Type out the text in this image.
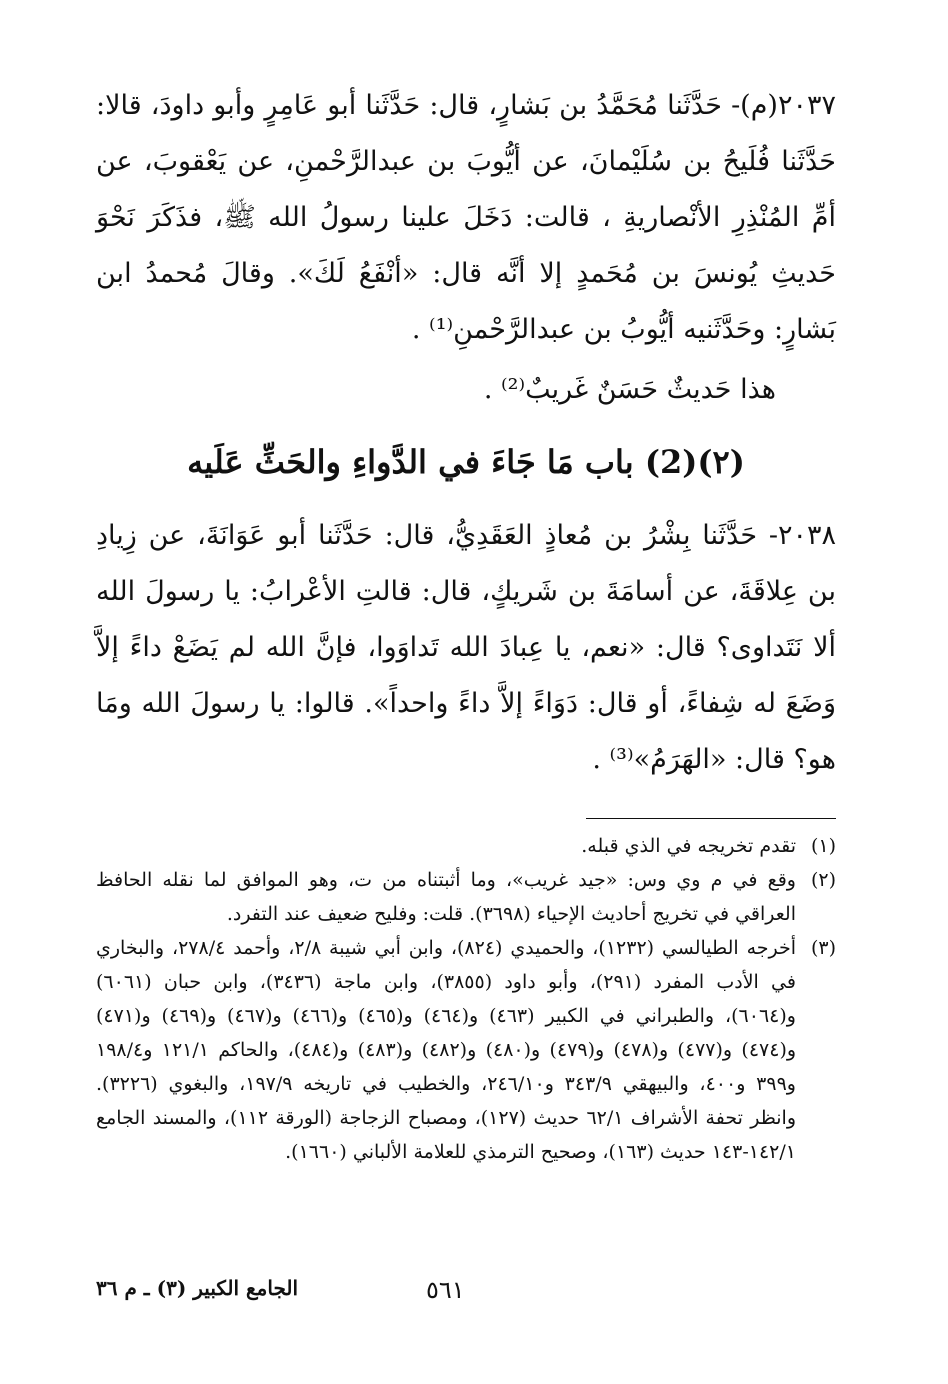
٢٠٣٧(م)- حَدَّثَنا مُحَمَّدُ بن بَشارٍ، قال: حَدَّثَنا أبو عَامِرٍ وأبو داودَ، قالا: حَدَّثَنا فُلَيحُ بن سُلَيْمانَ، عن أيُّوبَ بن عبدالرَّحْمنِ، عن يَعْقوبَ، عن أمِّ المُنْذِرِ الأنْصاريةِ ، قالت: دَخَلَ علينا رسولُ الله ﷺ، فذَكَرَ نَحْوَ حَديثِ يُونسَ بن مُحَمدٍ إلا أنَّه قال: «أنْفَعُ لَكَ». وقالَ مُحمدُ ابن بَشارٍ: وحَدَّثَنيه أيُّوبُ بن عبدالرَّحْمنِ⁽¹⁾ .

هذا حَديثٌ حَسَنٌ غَريبٌ⁽²⁾ .

(٢)(2) باب مَا جَاءَ في الدَّواءِ والحَثِّ عَلَيه

٢٠٣٨- حَدَّثَنا بِشْرُ بن مُعاذٍ العَقَدِيُّ، قال: حَدَّثَنا أبو عَوَانَةَ، عن زِيادِ بن عِلاقَةَ، عن أسامَةَ بن شَريكٍ، قال: قالتِ الأعْرابُ: يا رسولَ الله ألا نَتَداوى؟ قال: «نعم، يا عِبادَ الله تَداوَوا، فإنَّ الله لم يَضَعْ داءً إلاَّ وَضَعَ له شِفاءً، أو قال: دَوَاءً إلاَّ داءً واحداً». قالوا: يا رسولَ الله ومَا هو؟ قال: «الهَرَمُ»⁽³⁾ .

(١)
تقدم تخريجه في الذي قبله.
(٢)
وقع في م وي وس: «جيد غريب»، وما أثبتناه من ت، وهو الموافق لما نقله الحافظ العراقي في تخريج أحاديث الإحياء (٣٦٩٨). قلت: وفليح ضعيف عند التفرد.
(٣)
أخرجه الطيالسي (١٢٣٢)، والحميدي (٨٢٤)، وابن أبي شيبة ٢/٨، وأحمد ٢٧٨/٤، والبخاري في الأدب المفرد (٢٩١)، وأبو داود (٣٨٥٥)، وابن ماجة (٣٤٣٦)، وابن حبان (٦٠٦١) و(٦٠٦٤)، والطبراني في الكبير (٤٦٣) و(٤٦٤) و(٤٦٥) و(٤٦٦) و(٤٦٧) و(٤٦٩) و(٤٧١) و(٤٧٤) و(٤٧٧) و(٤٧٨) و(٤٧٩) و(٤٨٠) و(٤٨٢) و(٤٨٣) و(٤٨٤)، والحاكم ١٢١/١ و١٩٨/٤ و٣٩٩ و٤٠٠، والبيهقي ٣٤٣/٩ و٢٤٦/١٠، والخطيب في تاريخه ١٩٧/٩، والبغوي (٣٢٢٦). وانظر تحفة الأشراف ٦٢/١ حديث (١٢٧)، ومصباح الزجاجة (الورقة ١١٢)، والمسند الجامع ١٤٢/١-١٤٣ حديث (١٦٣)، وصحيح الترمذي للعلامة الألباني (١٦٦٠).
٥٦١
الجامع الكبير (٣) ـ م ٣٦
